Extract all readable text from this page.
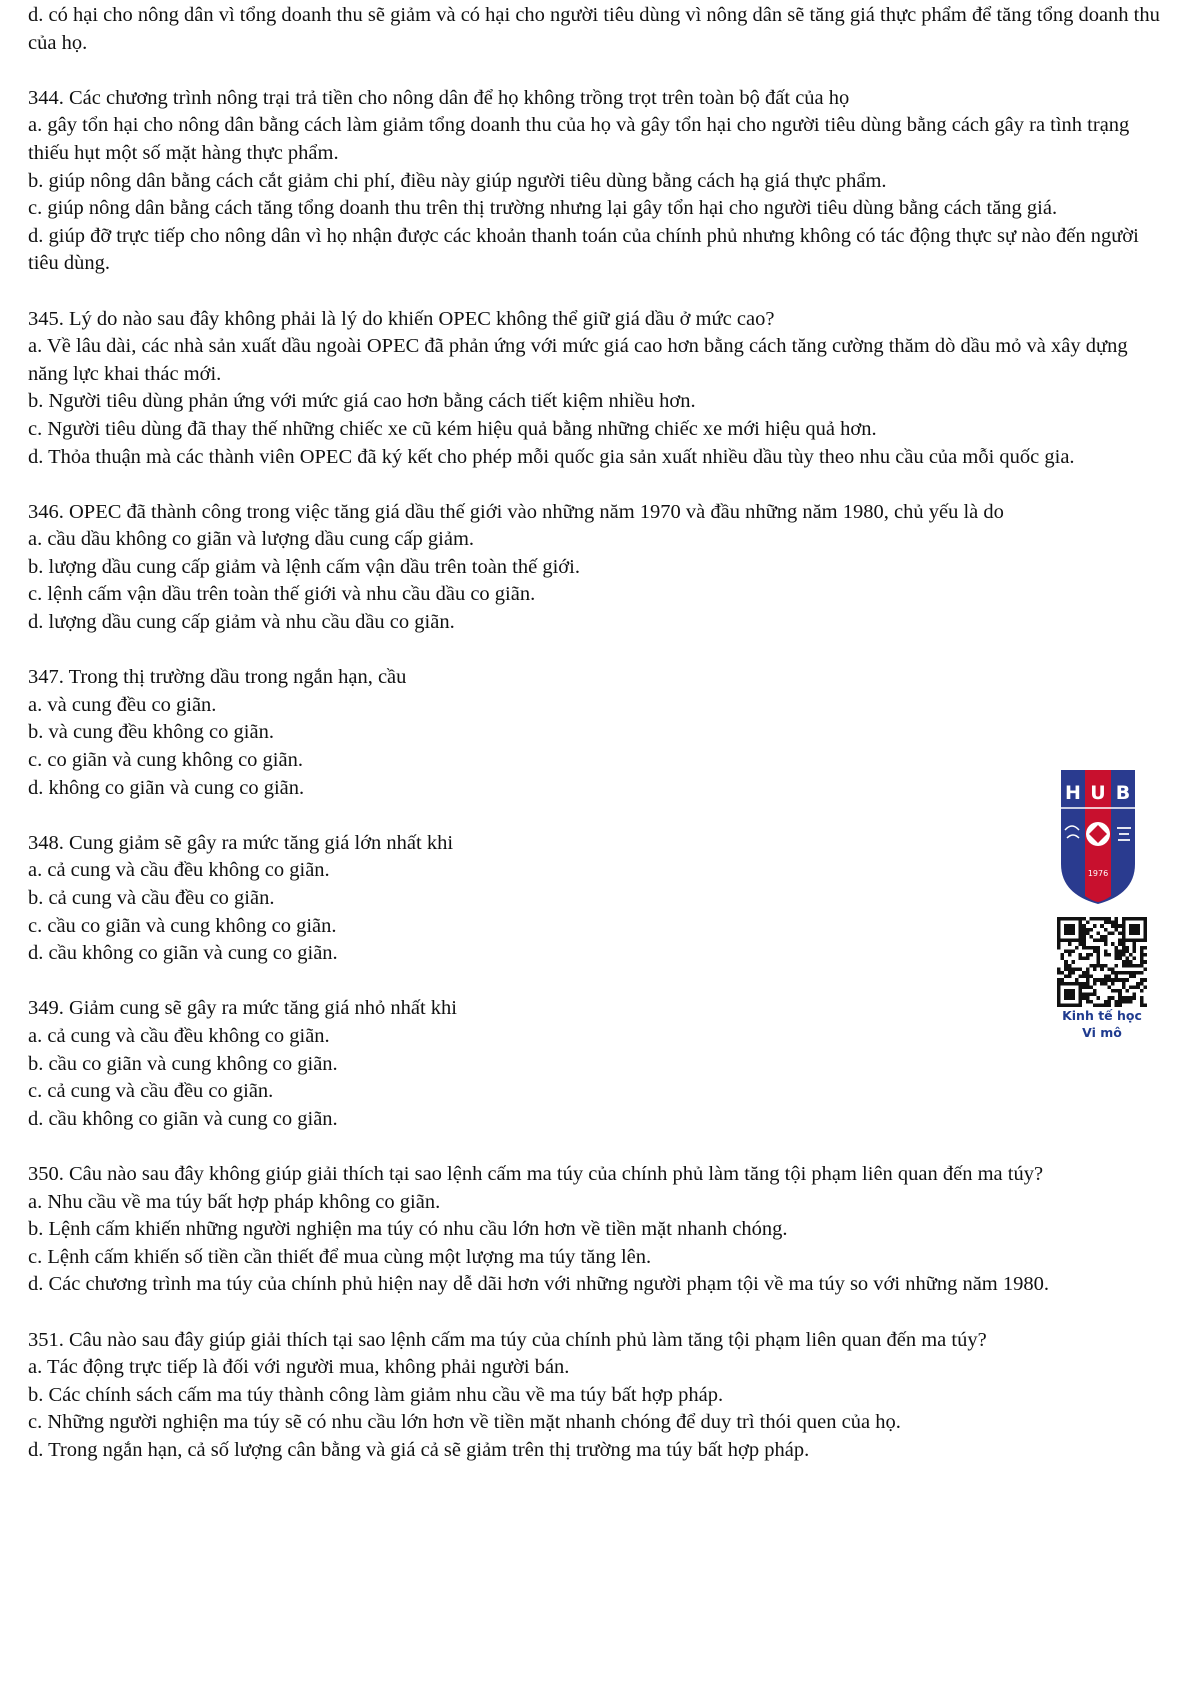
d. có hại cho nông dân vì tổng doanh thu sẽ giảm và có hại cho người tiêu dùng vì nông dân sẽ tăng giá thực phẩm để tăng tổng doanh thu của họ.
344. Các chương trình nông trại trả tiền cho nông dân để họ không trồng trọt trên toàn bộ đất của họ
a. gây tổn hại cho nông dân bằng cách làm giảm tổng doanh thu của họ và gây tổn hại cho người tiêu dùng bằng cách gây ra tình trạng thiếu hụt một số mặt hàng thực phẩm.
b. giúp nông dân bằng cách cắt giảm chi phí, điều này giúp người tiêu dùng bằng cách hạ giá thực phẩm.
c. giúp nông dân bằng cách tăng tổng doanh thu trên thị trường nhưng lại gây tổn hại cho người tiêu dùng bằng cách tăng giá.
d. giúp đỡ trực tiếp cho nông dân vì họ nhận được các khoản thanh toán của chính phủ nhưng không có tác động thực sự nào đến người tiêu dùng.
345. Lý do nào sau đây không phải là lý do khiến OPEC không thể giữ giá dầu ở mức cao?
a. Về lâu dài, các nhà sản xuất dầu ngoài OPEC đã phản ứng với mức giá cao hơn bằng cách tăng cường thăm dò dầu mỏ và xây dựng năng lực khai thác mới.
b. Người tiêu dùng phản ứng với mức giá cao hơn bằng cách tiết kiệm nhiều hơn.
c. Người tiêu dùng đã thay thế những chiếc xe cũ kém hiệu quả bằng những chiếc xe mới hiệu quả hơn.
d. Thỏa thuận mà các thành viên OPEC đã ký kết cho phép mỗi quốc gia sản xuất nhiều dầu tùy theo nhu cầu của mỗi quốc gia.
346. OPEC đã thành công trong việc tăng giá dầu thế giới vào những năm 1970 và đầu những năm 1980, chủ yếu là do
a. cầu dầu không co giãn và lượng dầu cung cấp giảm.
b. lượng dầu cung cấp giảm và lệnh cấm vận dầu trên toàn thế giới.
c. lệnh cấm vận dầu trên toàn thế giới và nhu cầu dầu co giãn.
d. lượng dầu cung cấp giảm và nhu cầu dầu co giãn.
347. Trong thị trường dầu trong ngắn hạn, cầu
a. và cung đều co giãn.
b. và cung đều không co giãn.
c. co giãn và cung không co giãn.
d. không co giãn và cung co giãn.
348. Cung giảm sẽ gây ra mức tăng giá lớn nhất khi
a. cả cung và cầu đều không co giãn.
b. cả cung và cầu đều co giãn.
c. cầu co giãn và cung không co giãn.
d. cầu không co giãn và cung co giãn.
349. Giảm cung sẽ gây ra mức tăng giá nhỏ nhất khi
a. cả cung và cầu đều không co giãn.
b. cầu co giãn và cung không co giãn.
c. cả cung và cầu đều co giãn.
d. cầu không co giãn và cung co giãn.
350. Câu nào sau đây không giúp giải thích tại sao lệnh cấm ma túy của chính phủ làm tăng tội phạm liên quan đến ma túy?
a. Nhu cầu về ma túy bất hợp pháp không co giãn.
b. Lệnh cấm khiến những người nghiện ma túy có nhu cầu lớn hơn về tiền mặt nhanh chóng.
c. Lệnh cấm khiến số tiền cần thiết để mua cùng một lượng ma túy tăng lên.
d. Các chương trình ma túy của chính phủ hiện nay dễ dãi hơn với những người phạm tội về ma túy so với những năm 1980.
351. Câu nào sau đây giúp giải thích tại sao lệnh cấm ma túy của chính phủ làm tăng tội phạm liên quan đến ma túy?
a. Tác động trực tiếp là đối với người mua, không phải người bán.
b. Các chính sách cấm ma túy thành công làm giảm nhu cầu về ma túy bất hợp pháp.
c. Những người nghiện ma túy sẽ có nhu cầu lớn hơn về tiền mặt nhanh chóng để duy trì thói quen của họ.
d. Trong ngắn hạn, cả số lượng cân bằng và giá cả sẽ giảm trên thị trường ma túy bất hợp pháp.
H U B
1976
Kinh tế học
Vi mô
